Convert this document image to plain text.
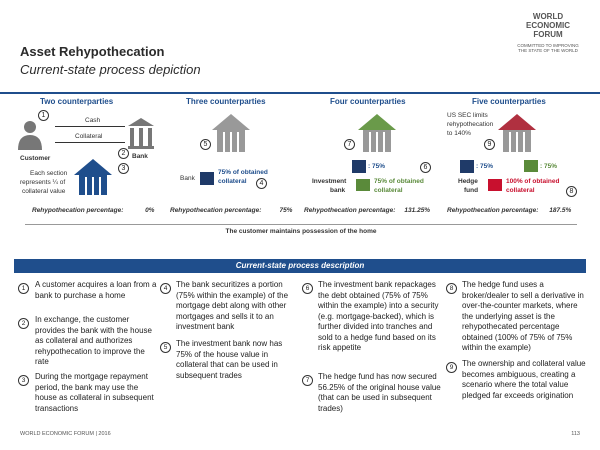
Asset Rehypothecation
Current-state process depiction
WORLD
ECONOMIC
FORUM
COMMITTED TO IMPROVING THE STATE OF THE WORLD
Two counterparties	Three counterparties	Four counterparties	Five counterparties
1
Cash
Collateral
Customer
2	Bank
3
Each section
represents ¼ of
collateral value
5
Bank
75% of obtained
collateral	4
7
: 75%	6
Investment
bank
75% of obtained
collateral
US SEC limits
rehypothecation
to 140%
9
: 75%	: 75%
Hedge
fund
100% of obtained
collateral	8
Rehypothecation percentage:	0% Rehypothecation percentage:	75% Rehypothecation percentage: 131.25%	Rehypothecation percentage: 187.5%
The customer maintains possession of the home
Current-state process description
1	A customer acquires a loan from a bank to purchase a home
2	In exchange, the customer provides the bank with the house as collateral and authorizes rehypothecation to improve the rate
3	During the mortgage repayment period, the bank may use the house as collateral in subsequent transactions
4	The bank securitizes a portion (75% within the example) of the mortgage debt along with other mortgages and sells it to an investment bank
5	The investment bank now has 75% of the house value in collateral that can be used in subsequent trades
6	The investment bank repackages the debt obtained (75% of 75% within the example) into a security (e.g. mortgage-backed), which is further divided into tranches and sold to a hedge fund based on its risk appetite
7	The hedge fund has now secured 56.25% of the original house value (that can be used in subsequent trades)
8	The hedge fund uses a broker/dealer to sell a derivative in over-the-counter markets, where the underlying asset is the rehypothecated percentage obtained (100% of 75% of 75% within the example)
9	The ownership and collateral value becomes ambiguous, creating a scenario where the total value pledged far exceeds origination
WORLD ECONOMIC FORUM | 2016	113
